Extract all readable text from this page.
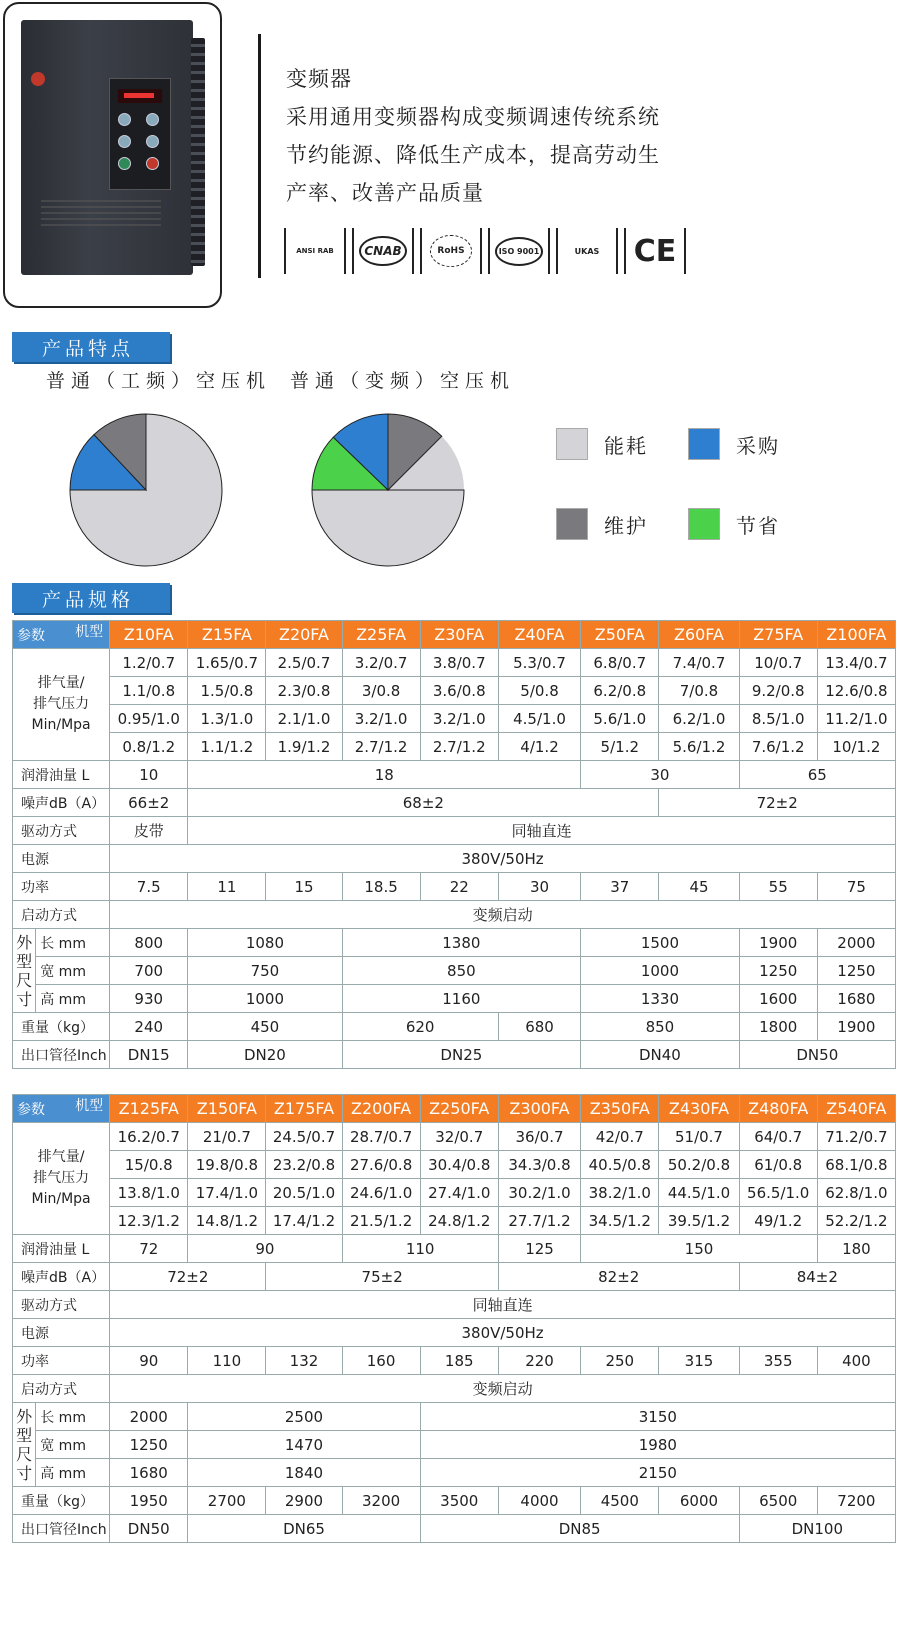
变频器
采用通用变频器构成变频调速传统系统
节约能源、降低生产成本，提高劳动生
产率、改善产品质量
ANSI RAB	CNAB	RoHS	ISO 9001	UKAS CE
产品特点
普通（工频）空压机 普通（变频）空压机
能耗	采购
维护	节省
产品规格
参数 机型		Z10FA	Z15FA	Z20FA	Z25FA	Z30FA	Z40FA	Z50FA	Z60FA	Z75FA	Z100FA
排气量/
排气压力
Min/Mpa		1.2/0.7	1.65/0.7	2.5/0.7	3.2/0.7	3.8/0.7	5.3/0.7	6.8/0.7	7.4/0.7	10/0.7	13.4/0.7
		1.1/0.8	1.5/0.8	2.3/0.8	3/0.8	3.6/0.8	5/0.8	6.2/0.8	7/0.8	9.2/0.8	12.6/0.8
		0.95/1.0	1.3/1.0	2.1/1.0	3.2/1.0	3.2/1.0	4.5/1.0	5.6/1.0	6.2/1.0	8.5/1.0	11.2/1.0
		0.8/1.2	1.1/1.2	1.9/1.2	2.7/1.2	2.7/1.2	4/1.2	5/1.2	5.6/1.2	7.6/1.2	10/1.2
润滑油量 L		10	18					30		65	
噪声dB（A）		66±2	68±2						72±2		
驱动方式		皮带	同轴直连								
电源		380V/50Hz									
功率		7.5	11	15	18.5	22	30	37	45	55	75
启动方式		变频启动									
外
型
尺
寸	长 mm	800	1080		1380			1500		1900	2000
	宽 mm	700	750		850			1000		1250	1250
	高 mm	930	1000		1160			1330		1600	1680
重量（kg）		240	450		620		680	850		1800	1900
出口管径Inch		DN15	DN20		DN25			DN40		DN50	
参数 机型		Z125FA	Z150FA	Z175FA	Z200FA	Z250FA	Z300FA	Z350FA	Z430FA	Z480FA	Z540FA
排气量/
排气压力
Min/Mpa		16.2/0.7	21/0.7	24.5/0.7	28.7/0.7	32/0.7	36/0.7	42/0.7	51/0.7	64/0.7	71.2/0.7
		15/0.8	19.8/0.8	23.2/0.8	27.6/0.8	30.4/0.8	34.3/0.8	40.5/0.8	50.2/0.8	61/0.8	68.1/0.8
		13.8/1.0	17.4/1.0	20.5/1.0	24.6/1.0	27.4/1.0	30.2/1.0	38.2/1.0	44.5/1.0	56.5/1.0	62.8/1.0
		12.3/1.2	14.8/1.2	17.4/1.2	21.5/1.2	24.8/1.2	27.7/1.2	34.5/1.2	39.5/1.2	49/1.2	52.2/1.2
润滑油量 L		72	90		110		125	150			180
噪声dB（A）		72±2		75±2			82±2			84±2	
驱动方式		同轴直连									
电源		380V/50Hz									
功率		90	110	132	160	185	220	250	315	355	400
启动方式		变频启动									
外
型
尺
寸	长 mm	2000	2500			3150					
	宽 mm	1250	1470			1980					
	高 mm	1680	1840			2150					
重量（kg）		1950	2700	2900	3200	3500	4000	4500	6000	6500	7200
出口管径Inch		DN50	DN65			DN85				DN100	
